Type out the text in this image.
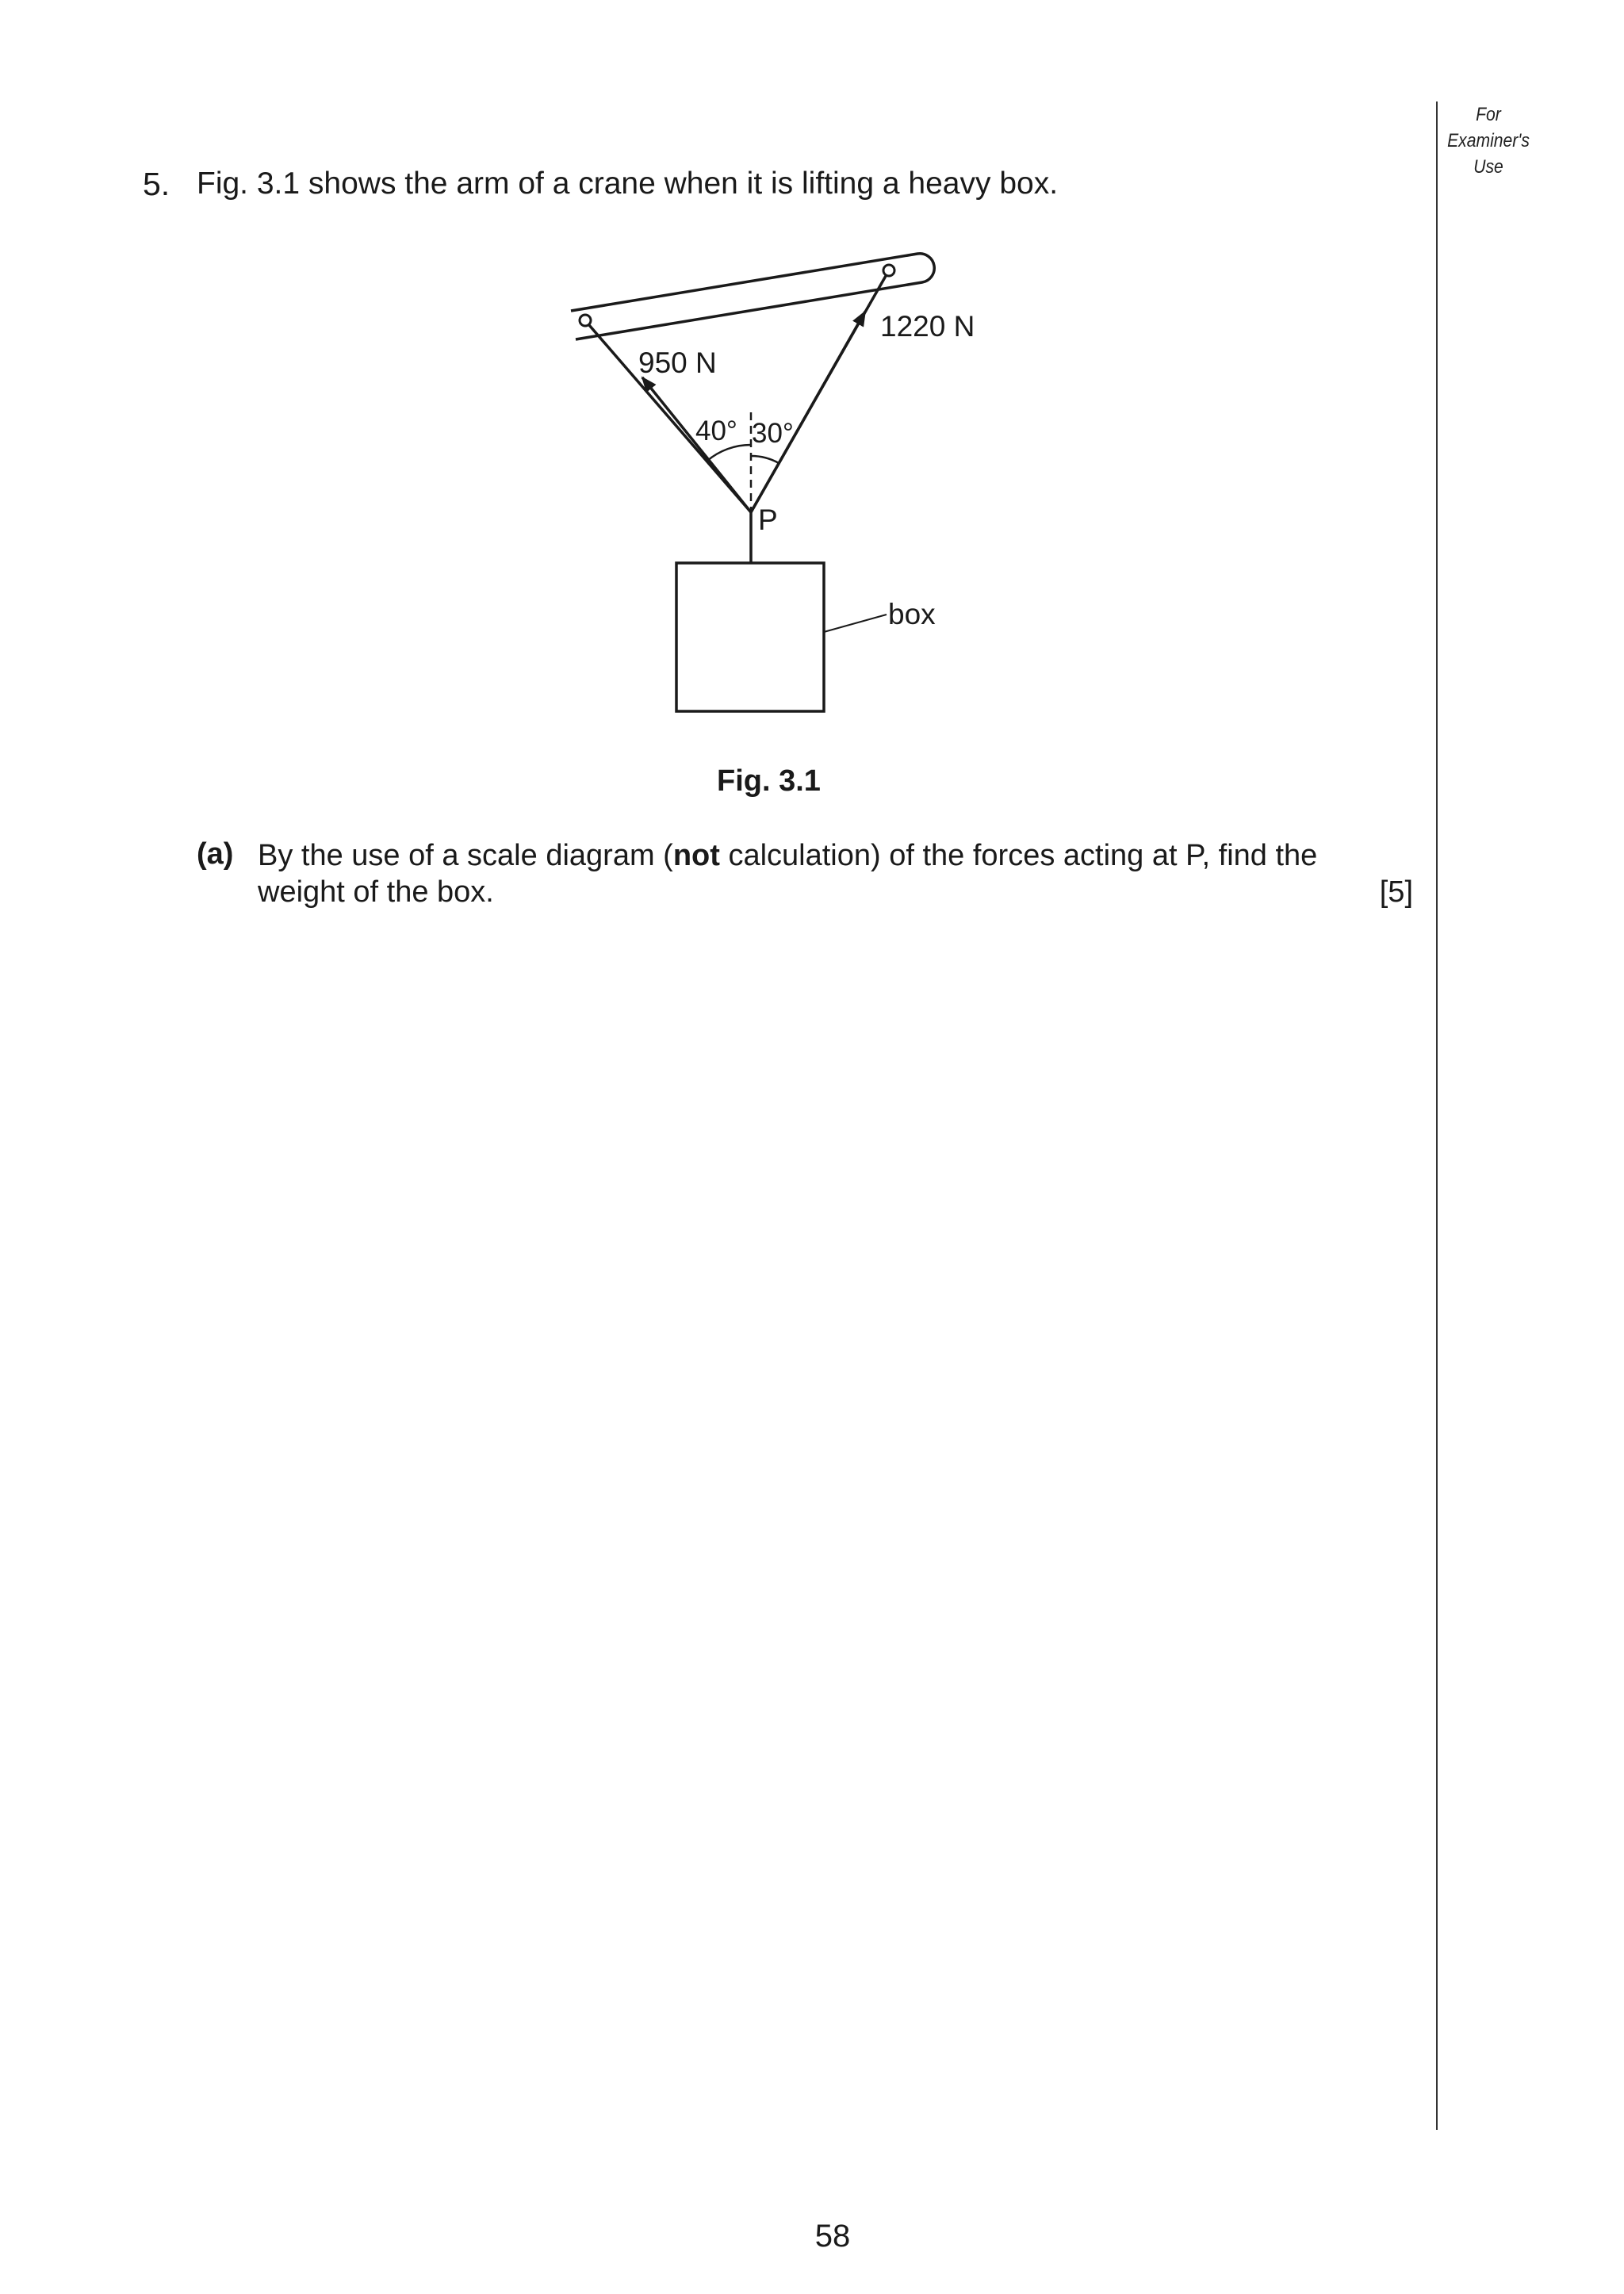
For
Examiner's
Use
5. Fig. 3.1 shows the arm of a crane when it is lifting a heavy box.
950 N
1220 N
40° 30°
P
box
Fig. 3.1
(a) By the use of a scale diagram (not calculation) of the forces acting at P, find the weight of the box.	[5]
58
